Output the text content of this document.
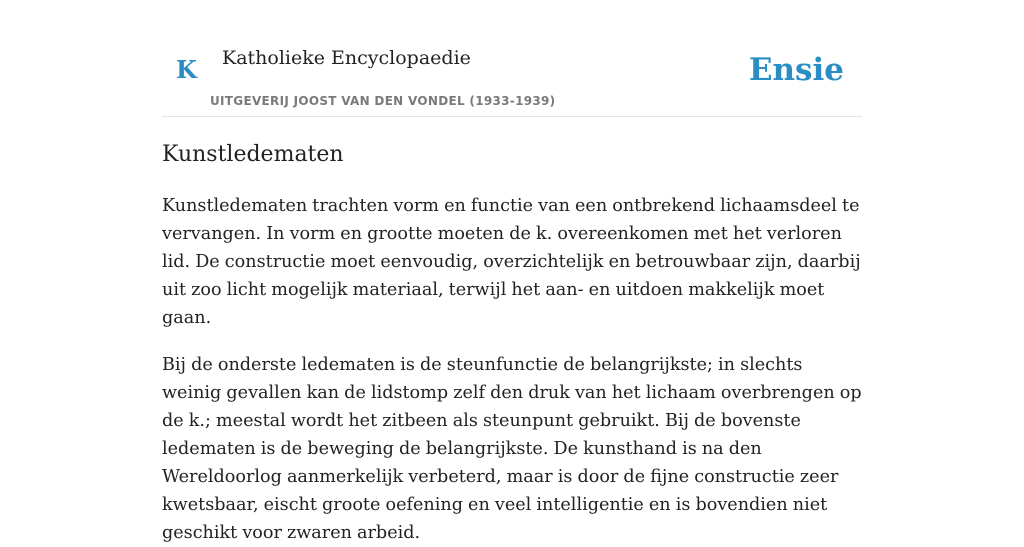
K Katholieke Encyclopaedie
UITGEVERIJ JOOST VAN DEN VONDEL (1933-1939)
Ensie
Kunstledematen

Kunstledematen trachten vorm en functie van een ontbrekend lichaamsdeel te vervangen. In vorm en grootte moeten de k. overeenkomen met het verloren lid. De constructie moet eenvoudig, overzichtelijk en betrouwbaar zijn, daarbij uit zoo licht mogelijk materiaal, terwijl het aan- en uitdoen makkelijk moet gaan.

Bij de onderste ledematen is de steunfunctie de belangrijkste; in slechts weinig gevallen kan de lidstomp zelf den druk van het lichaam overbrengen op de k.; meestal wordt het zitbeen als steunpunt gebruikt. Bij de bovenste ledematen is de beweging de belangrijkste. De kunsthand is na den Wereldoorlog aanmerkelijk verbeterd, maar is door de fijne constructie zeer kwetsbaar, eischt groote oefening en veel intelligentie en is bovendien niet geschikt voor zwaren arbeid.
